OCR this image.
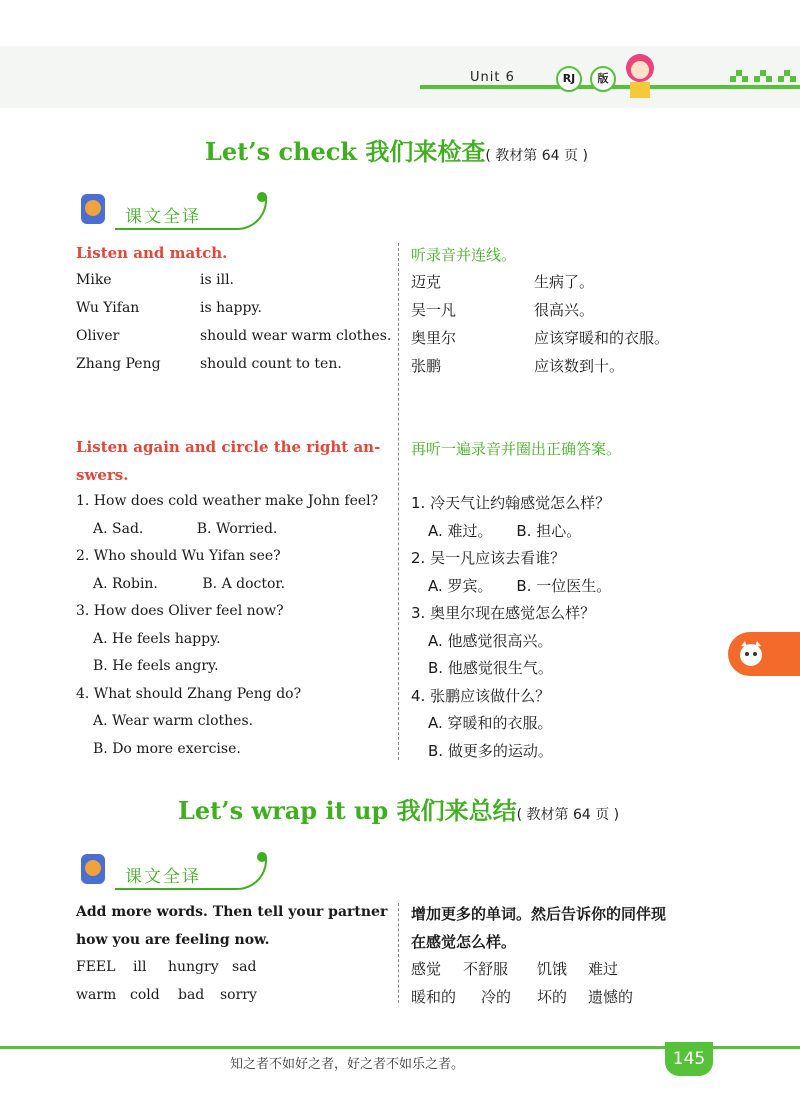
Unit 6	RJ	版
Let’s check 我们来检查( 教材第 64 页 )
课文全译
Listen and match.	听录音并连线。
Mike	is ill.	迈克	生病了。
Wu Yifan	is happy.	吴一凡	很高兴。
Oliver	should wear warm clothes. 奥里尔	应该穿暖和的衣服。
Zhang Peng	should count to ten.	张鹏	应该数到十。
Listen again and circle the right an-
swers.
再听一遍录音并圈出正确答案。
1. How does cold weather make John feel?
A. Sad.            B. Worried.
2. Who should Wu Yifan see?
A. Robin.          B. A doctor.
3. How does Oliver feel now?
A. He feels happy.
B. He feels angry.
4. What should Zhang Peng do?
A. Wear warm clothes.
B. Do more exercise.
1. 冷天气让约翰感觉怎么样？
A. 难过。     B. 担心。
2. 吴一凡应该去看谁？
A. 罗宾。     B. 一位医生。
3. 奥里尔现在感觉怎么样？
A. 他感觉很高兴。
B. 他感觉很生气。
4. 张鹏应该做什么？
A. 穿暖和的衣服。
B. 做更多的运动。
Let’s wrap it up 我们来总结( 教材第 64 页 )
课文全译
Add more words. Then tell your partner
how you are feeling now.
增加更多的单词。然后告诉你的同伴现
在感觉怎么样。
FEEL ill hungry sad
warm cold bad sorry
感觉 不舒服 饥饿 难过
暖和的 冷的 坏的 遗憾的
知之者不如好之者，好之者不如乐之者。	145
